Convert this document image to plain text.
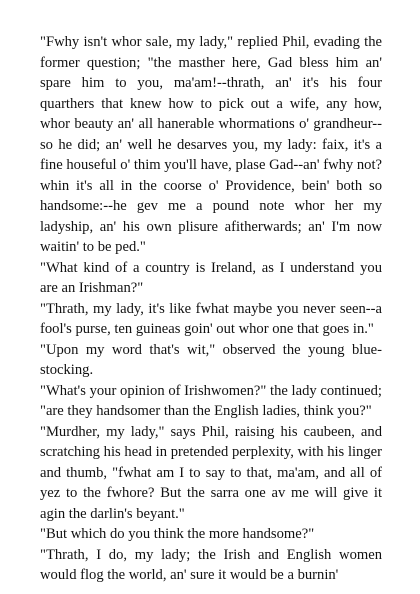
"Fwhy isn't whor sale, my lady," replied Phil, evading the former question; "the masther here, Gad bless him an' spare him to you, ma'am!--thrath, an' it's his four quarthers that knew how to pick out a wife, any how, whor beauty an' all hanerable whormations o' grandheur--so he did; an' well he desarves you, my lady: faix, it's a fine houseful o' thim you'll have, plase Gad--an' fwhy not? whin it's all in the coorse o' Providence, bein' both so handsome:--he gev me a pound note whor her my ladyship, an' his own plisure afitherwards; an' I'm now waitin' to be ped."

"What kind of a country is Ireland, as I understand you are an Irishman?"

"Thrath, my lady, it's like fwhat maybe you never seen--a fool's purse, ten guineas goin' out whor one that goes in."

"Upon my word that's wit," observed the young blue-stocking.

"What's your opinion of Irishwomen?" the lady continued; "are they handsomer than the English ladies, think you?"

"Murdher, my lady," says Phil, raising his caubeen, and scratching his head in pretended perplexity, with his linger and thumb, "fwhat am I to say to that, ma'am, and all of yez to the fwhore? But the sarra one av me will give it agin the darlin's beyant."

"But which do you think the more handsome?"

"Thrath, I do, my lady; the Irish and English women would flog the world, an' sure it would be a burnin'
